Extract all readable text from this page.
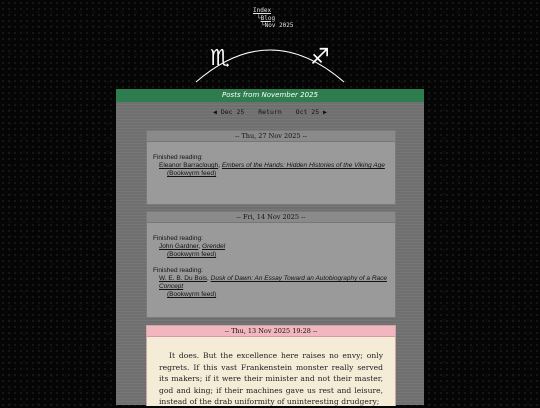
Index
└Blog
└Nov 2025
♏	♐
Posts from November 2025
◀ Dec 25 Return Oct 25 ▶
-- Thu, 27 Nov 2025 --
Finished reading:
Eleanor Barraclough, Embers of the Hands: Hidden Histories of the Viking Age
(Bookwyrm feed)
-- Fri, 14 Nov 2025 --
Finished reading:
John Gardner, Grendel
(Bookwyrm feed)
Finished reading:
W. E. B. Du Bois, Dusk of Dawn: An Essay Toward an Autobiography of a Race Concept
(Bookwyrm feed)
-- Thu, 13 Nov 2025 19:28 --
It does. But the excellence here raises no envy; only regrets. If this vast Frankenstein monster really served its makers; if it were their minister and not their master, god and king; if their machines gave us rest and leisure, instead of the drab uniformity of uninteresting drudgery;
